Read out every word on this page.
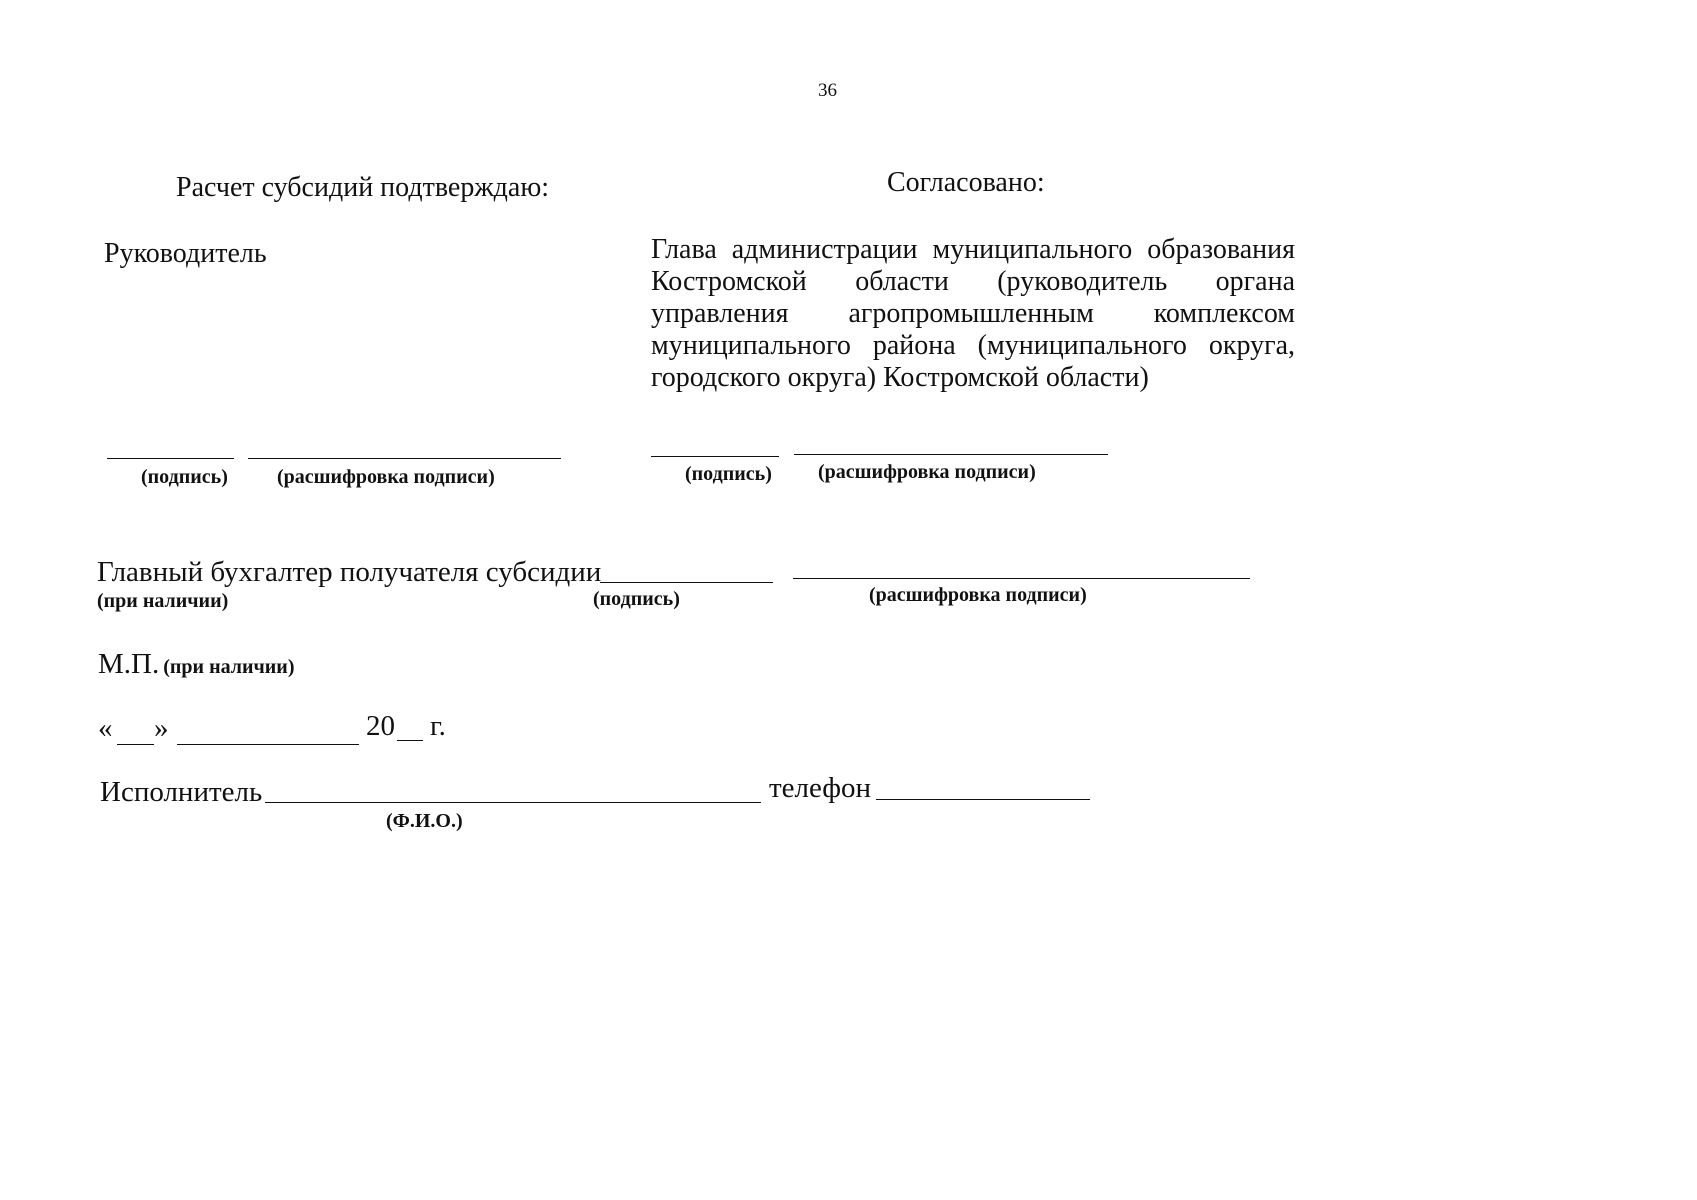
36
Расчет субсидий подтверждаю:
Руководитель
(подпись) (расшифровка подписи)
Согласовано:
Глава администрации муниципального образования Костромской области (руководитель органа управления агропромышленным комплексом муниципального района (муниципального округа, городского округа) Костромской области)
(подпись) (расшифровка подписи)
Главный бухгалтер получателя субсидии
(при наличии)	(подпись)	(расшифровка подписи)
М.П. (при наличии)
« »	20 г.
Исполнитель
(Ф.И.О.)
телефон
